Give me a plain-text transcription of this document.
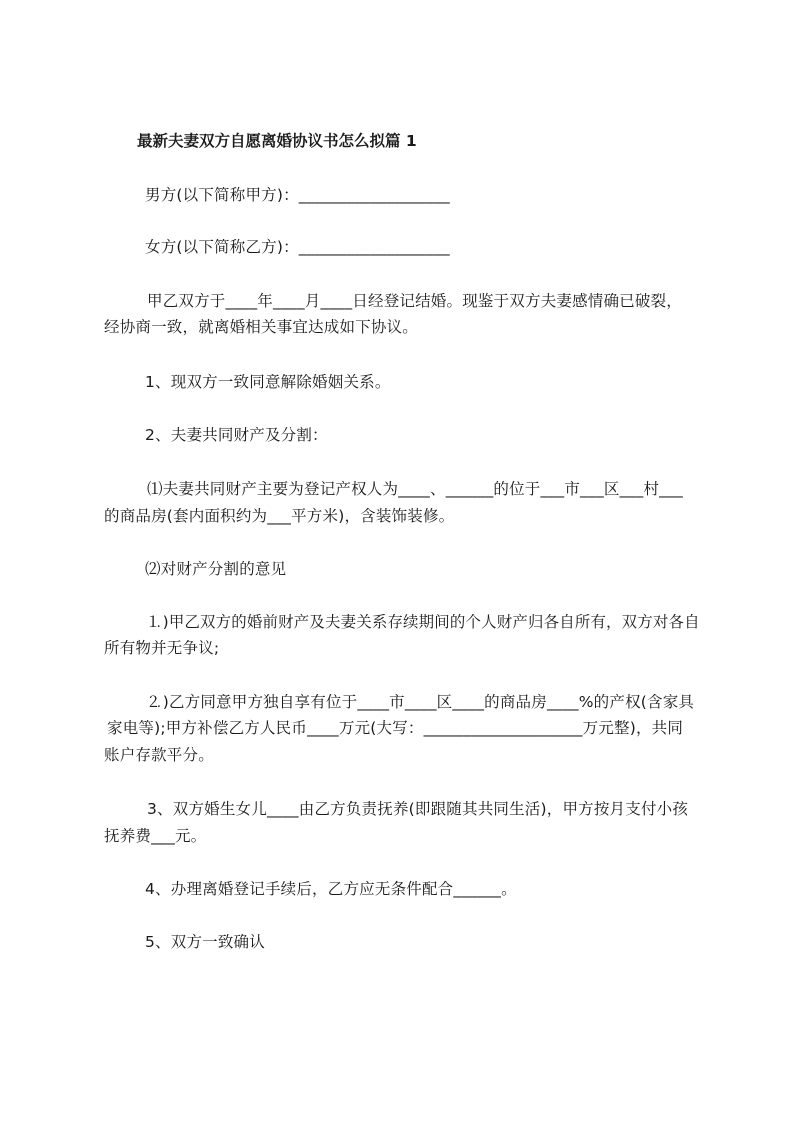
最新夫妻双方自愿离婚协议书怎么拟篇 1
男方(以下简称甲方)：___________________
女方(以下简称乙方)：___________________
甲乙双方于____年____月____日经登记结婚。现鉴于双方夫妻感情确已破裂，
经协商一致，就离婚相关事宜达成如下协议。
1、现双方一致同意解除婚姻关系。
2、夫妻共同财产及分割：
⑴夫妻共同财产主要为登记产权人为____、______的位于___市___区___村___
的商品房(套内面积约为___平方米)，含装饰装修。
⑵对财产分割的意见
⒈)甲乙双方的婚前财产及夫妻关系存续期间的个人财产归各自所有，双方对各自
所有物并无争议;
⒉)乙方同意甲方独自享有位于____市____区____的商品房____%的产权(含家具
家电等);甲方补偿乙方人民币____万元(大写：____________________万元整)，共同
账户存款平分。
3、双方婚生女儿____由乙方负责抚养(即跟随其共同生活)，甲方按月支付小孩
抚养费___元。
4、办理离婚登记手续后，乙方应无条件配合______。
5、双方一致确认
